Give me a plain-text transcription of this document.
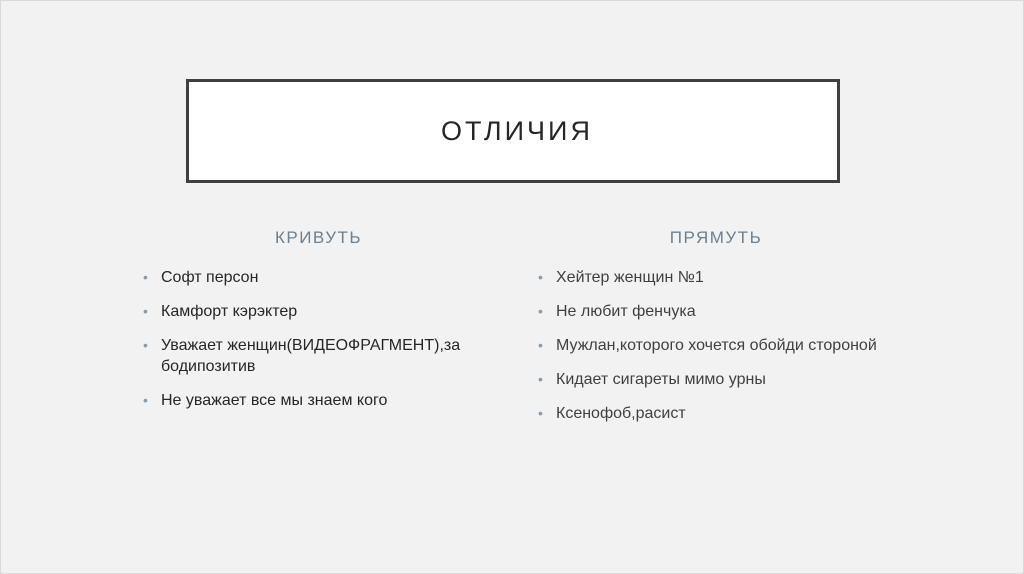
ОТЛИЧИЯ
КРИВУТЬ
• Софт персон
• Камфорт кэрэктер
• Уважает женщин(ВИДЕОФРАГМЕНТ),за бодипозитив
• Не уважает все мы знаем кого
ПРЯМУТЬ
• Хейтер женщин №1
• Не любит фенчука
• Мужлан,которого хочется обойди стороной
• Кидает сигареты мимо урны
• Ксенофоб,расист
